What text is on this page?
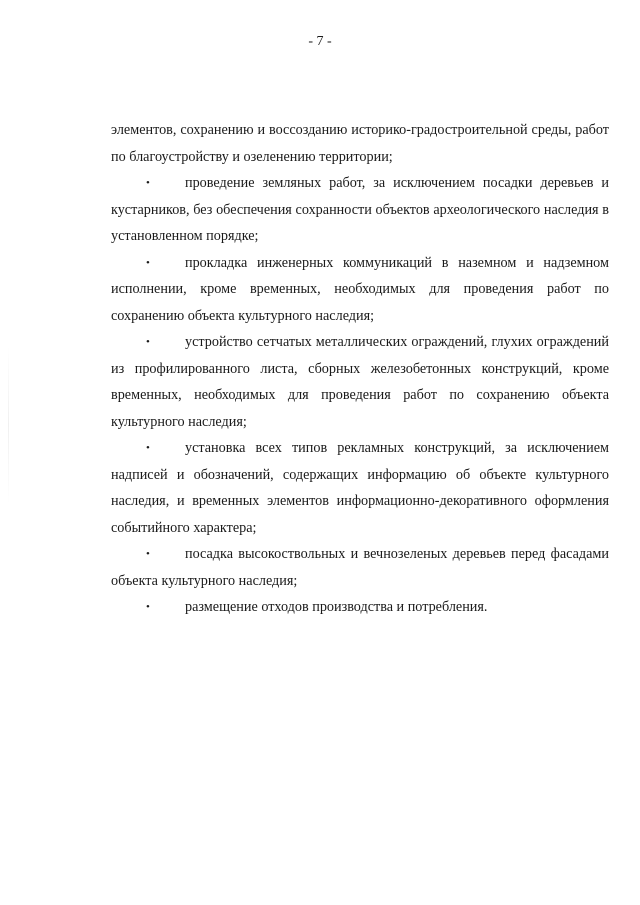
- 7 -

элементов, сохранению и воссозданию историко-градостроительной среды, работ по благоустройству и озеленению территории;

• проведение земляных работ, за исключением посадки деревьев и кустарников, без обеспечения сохранности объектов археологического наследия в установленном порядке;

• прокладка инженерных коммуникаций в наземном и надземном исполнении, кроме временных, необходимых для проведения работ по сохранению объекта культурного наследия;

• устройство сетчатых металлических ограждений, глухих ограждений из профилированного листа, сборных железобетонных конструкций, кроме временных, необходимых для проведения работ по сохранению объекта культурного наследия;

• установка всех типов рекламных конструкций, за исключением надписей и обозначений, содержащих информацию об объекте культурного наследия, и временных элементов информационно-декоративного оформления событийного характера;

• посадка высокоствольных и вечнозеленых деревьев перед фасадами объекта культурного наследия;

• размещение отходов производства и потребления.
